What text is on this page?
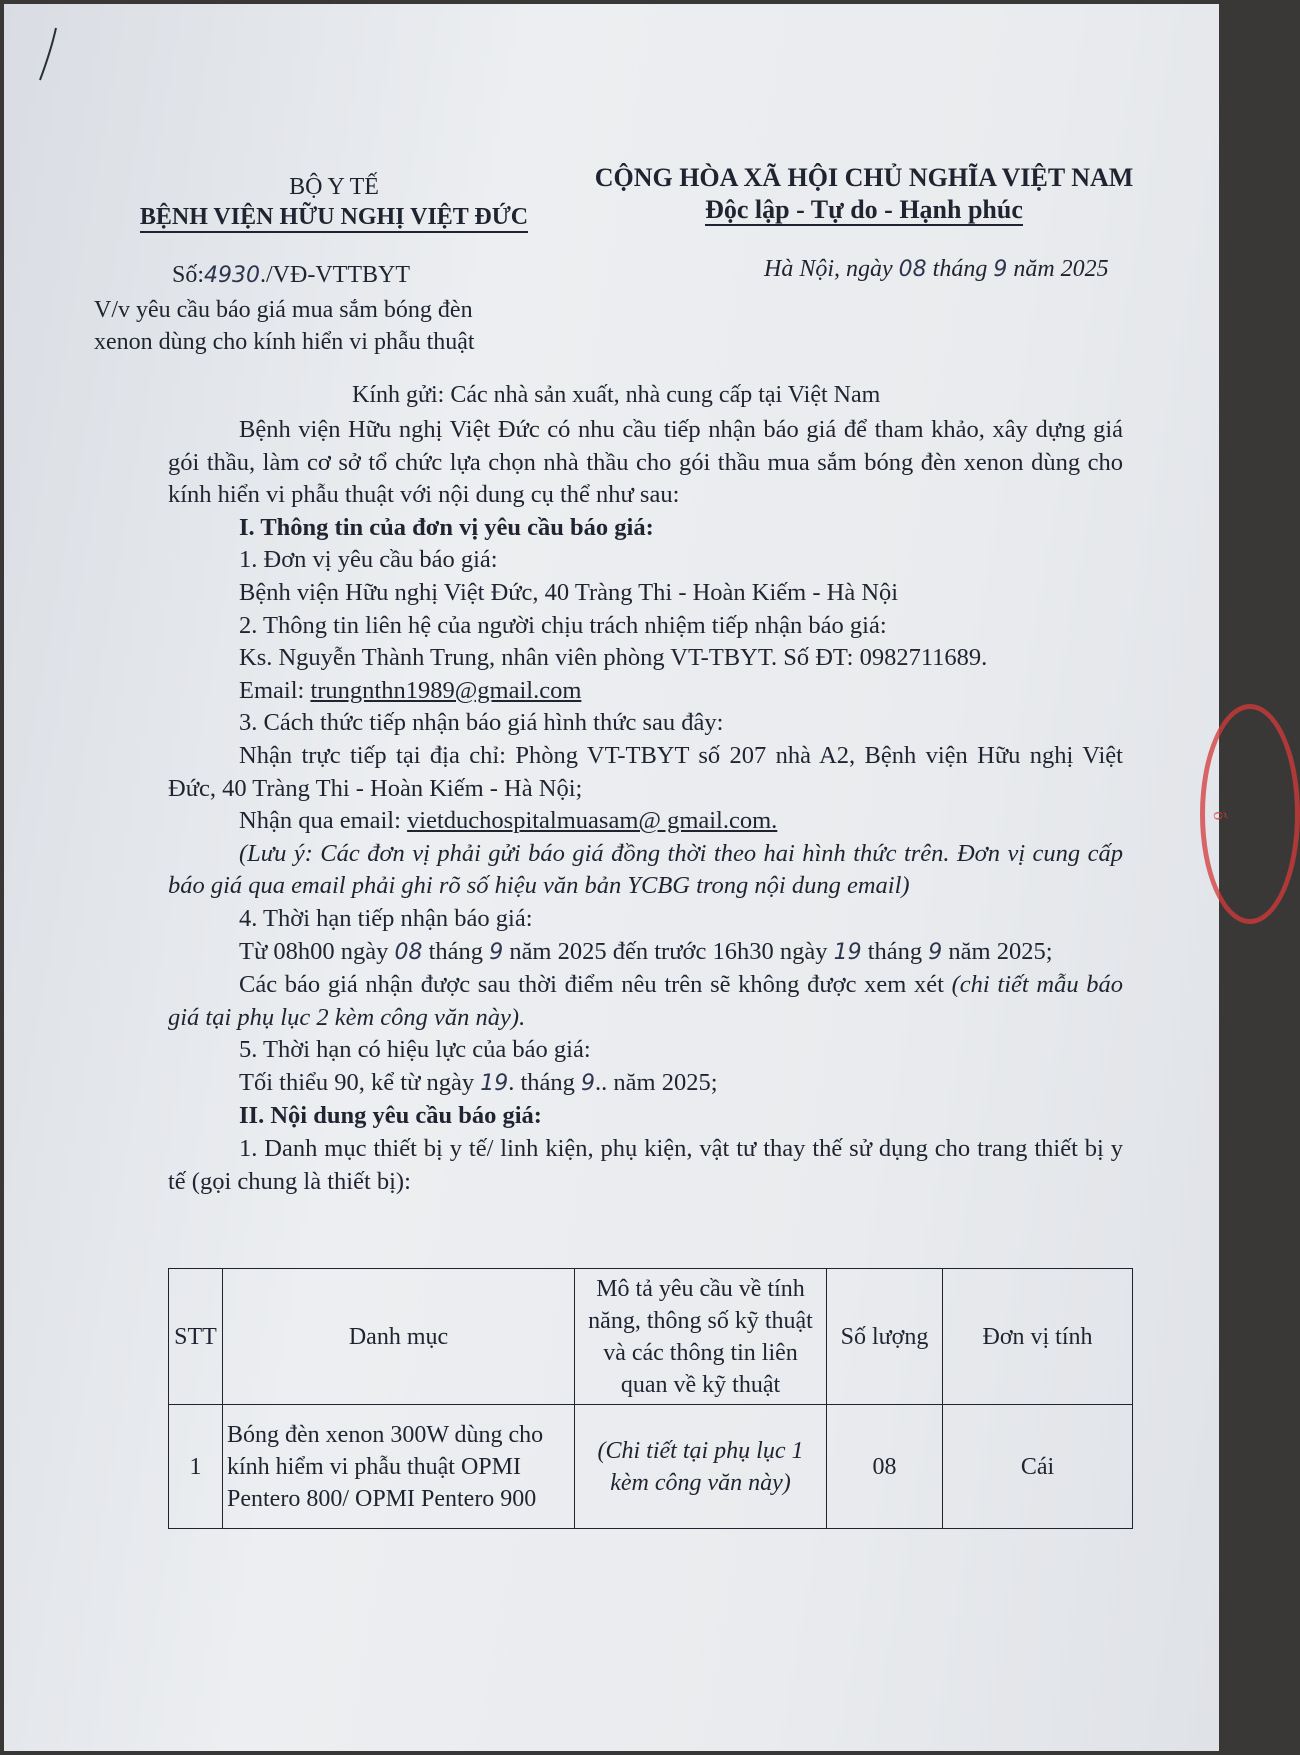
ố
BỘ Y TẾ
BỆNH VIỆN HỮU NGHỊ VIỆT ĐỨC
CỘNG HÒA XÃ HỘI CHỦ NGHĨA VIỆT NAM
Độc lập - Tự do - Hạnh phúc
Số:4930./VĐ-VTTBYT	Hà Nội, ngày 08 tháng 9 năm 2025
V/v yêu cầu báo giá mua sắm bóng đèn
xenon dùng cho kính hiển vi phẫu thuật
Kính gửi: Các nhà sản xuất, nhà cung cấp tại Việt Nam

Bệnh viện Hữu nghị Việt Đức có nhu cầu tiếp nhận báo giá để tham khảo, xây dựng giá gói thầu, làm cơ sở tổ chức lựa chọn nhà thầu cho gói thầu mua sắm bóng đèn xenon dùng cho kính hiển vi phẫu thuật với nội dung cụ thể như sau:

I. Thông tin của đơn vị yêu cầu báo giá:

1. Đơn vị yêu cầu báo giá:

Bệnh viện Hữu nghị Việt Đức, 40 Tràng Thi - Hoàn Kiếm - Hà Nội

2. Thông tin liên hệ của người chịu trách nhiệm tiếp nhận báo giá:

Ks. Nguyễn Thành Trung, nhân viên phòng VT-TBYT. Số ĐT: 0982711689.

Email: trungnthn1989@gmail.com

3. Cách thức tiếp nhận báo giá hình thức sau đây:

Nhận trực tiếp tại địa chỉ: Phòng VT-TBYT số 207 nhà A2, Bệnh viện Hữu nghị Việt Đức, 40 Tràng Thi - Hoàn Kiếm - Hà Nội;

Nhận qua email: vietduchospitalmuasam@ gmail.com.

(Lưu ý: Các đơn vị phải gửi báo giá đồng thời theo hai hình thức trên. Đơn vị cung cấp báo giá qua email phải ghi rõ số hiệu văn bản YCBG trong nội dung email)

4. Thời hạn tiếp nhận báo giá:

Từ 08h00 ngày 08 tháng 9 năm 2025 đến trước 16h30 ngày 19 tháng 9 năm 2025;

Các báo giá nhận được sau thời điểm nêu trên sẽ không được xem xét (chi tiết mẫu báo giá tại phụ lục 2 kèm công văn này).

5. Thời hạn có hiệu lực của báo giá:

Tối thiểu 90, kể từ ngày 19. tháng 9.. năm 2025;

II. Nội dung yêu cầu báo giá:

1. Danh mục thiết bị y tế/ linh kiện, phụ kiện, vật tư thay thế sử dụng cho trang thiết bị y tế (gọi chung là thiết bị):

STT	Danh mục	Mô tả yêu cầu về tính năng, thông số kỹ thuật và các thông tin liên quan về kỹ thuật	Số lượng	Đơn vị tính
1	Bóng đèn xenon 300W dùng cho kính hiểm vi phẫu thuật OPMI Pentero 800/ OPMI Pentero 900	(Chi tiết tại phụ lục 1 kèm công văn này)	08	Cái
